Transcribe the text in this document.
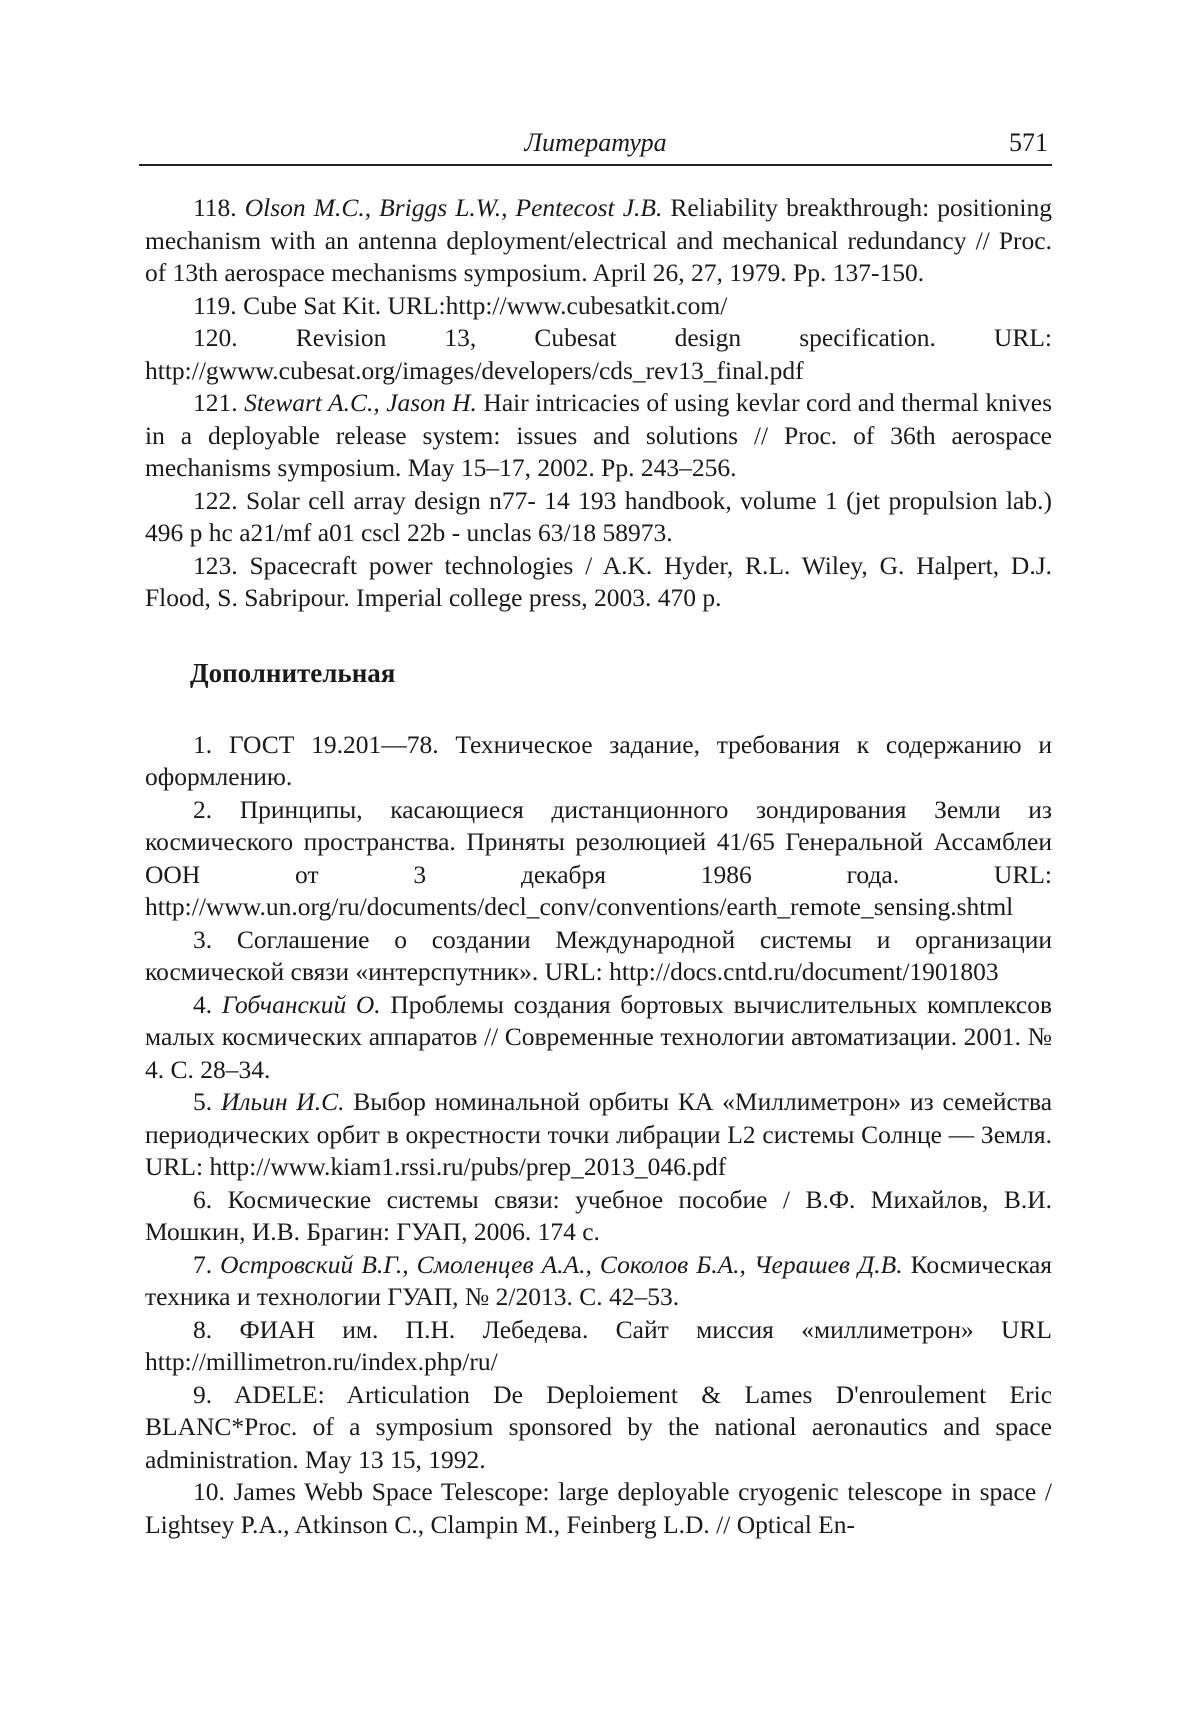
Литература	571

118. Olson M.C., Briggs L.W., Pentecost J.B. Reliability breakthrough: positioning mechanism with an antenna deployment/electrical and mechanical redundancy // Proc. of 13th aerospace mechanisms symposium. April 26, 27, 1979. Pp. 137-150.

119. Cube Sat Kit. URL:http://www.cubesatkit.com/

120. Revision 13, Cubesat design specification. URL: http://gwww.cubesat.org/images/developers/cds_rev13_final.pdf

121. Stewart A.C., Jason H. Hair intricacies of using kevlar cord and thermal knives in a deployable release system: issues and solutions // Proc. of 36th aerospace mechanisms symposium. May 15–17, 2002. Pp. 243–256.

122. Solar cell array design n77- 14 193 handbook, volume 1 (jet propulsion lab.) 496 p hc a21/mf a01 cscl 22b - unclas 63/18 58973.

123. Spacecraft power technologies / A.K. Hyder, R.L. Wiley, G. Halpert, D.J. Flood, S. Sabripour. Imperial college press, 2003. 470 p.

Дополнительная

1. ГОСТ 19.201—78. Техническое задание, требования к содержанию и оформлению.

2. Принципы, касающиеся дистанционного зондирования Земли из космического пространства. Приняты резолюцией 41/65 Генеральной Ассамблеи ООН от 3 декабря 1986 года. URL: http://www.un.org/ru/documents/decl_conv/conventions/earth_remote_sensing.shtml

3. Соглашение о создании Международной системы и организации космической связи «интерспутник». URL: http://docs.cntd.ru/document/1901803

4. Гобчанский О. Проблемы создания бортовых вычислительных комплексов малых космических аппаратов // Современные технологии автоматизации. 2001. № 4. С. 28–34.

5. Ильин И.С. Выбор номинальной орбиты КА «Миллиметрон» из семейства периодических орбит в окрестности точки либрации L2 системы Солнце — Земля. URL: http://www.kiam1.rssi.ru/pubs/prep_2013_046.pdf

6. Космические системы связи: учебное пособие / В.Ф. Михайлов, В.И. Мошкин, И.В. Брагин: ГУАП, 2006. 174 с.

7. Островский В.Г., Смоленцев А.А., Соколов Б.А., Черашев Д.В. Космическая техника и технологии ГУАП, № 2/2013. С. 42–53.

8. ФИАН им. П.Н. Лебедева. Сайт миссия «миллиметрон» URL http://millimetron.ru/index.php/ru/

9. ADELE: Articulation De Deploiement & Lames D'enroulement Eric BLANC*Proc. of a symposium sponsored by the national aeronautics and space administration. May 13 15, 1992.

10. James Webb Space Telescope: large deployable cryogenic telescope in space / Lightsey P.A., Atkinson C., Clampin M., Feinberg L.D. // Optical En-
